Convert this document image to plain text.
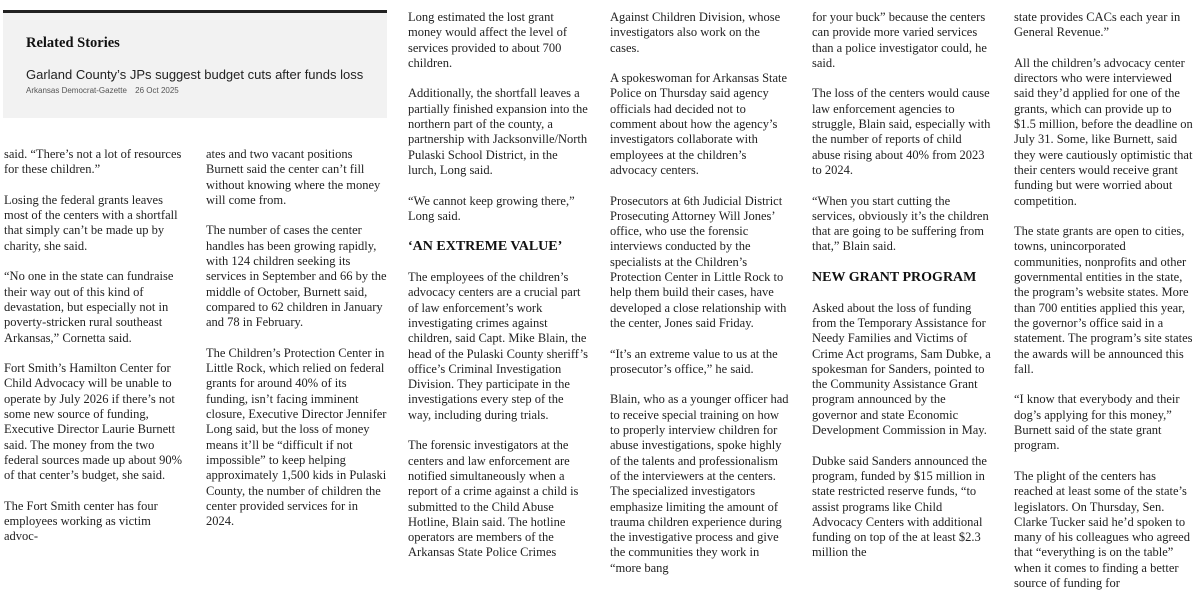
Related Stories
Garland County’s JPs suggest budget cuts after funds loss
Arkansas Democrat-Gazette 26 Oct 2025

said. “There’s not a lot of resources for these children.”

Losing the federal grants leaves most of the centers with a shortfall that simply can’t be made up by charity, she said.

“No one in the state can fundraise their way out of this kind of devastation, but especially not in poverty-stricken rural southeast Arkansas,” Cornetta said.

Fort Smith’s Hamilton Center for Child Advocacy will be unable to operate by July 2026 if there’s not some new source of funding, Executive Director Laurie Burnett said. The money from the two federal sources made up about 90% of that center’s budget, she said.

The Fort Smith center has four employees working as victim advoc-

ates and two vacant positions Burnett said the center can’t fill without knowing where the money will come from.

The number of cases the center handles has been growing rapidly, with 124 children seeking its services in September and 66 by the middle of October, Burnett said, compared to 62 children in January and 78 in February.

The Children’s Protection Center in Little Rock, which relied on federal grants for around 40% of its funding, isn’t facing imminent closure, Executive Director Jennifer Long said, but the loss of money means it’ll be “difficult if not impossible” to keep helping approximately 1,500 kids in Pulaski County, the number of children the center provided services for in 2024.

Long estimated the lost grant money would affect the level of services provided to about 700 children.

Additionally, the shortfall leaves a partially finished expansion into the northern part of the county, a partnership with Jacksonville/North Pulaski School District, in the lurch, Long said.

“We cannot keep growing there,” Long said.

‘AN EXTREME VALUE’

The employees of the children’s advocacy centers are a crucial part of law enforcement’s work investigating crimes against children, said Capt. Mike Blain, the head of the Pulaski County sheriff’s office’s Criminal Investigation Division. They participate in the investigations every step of the way, including during trials.

The forensic investigators at the centers and law enforcement are notified simultaneously when a report of a crime against a child is submitted to the Child Abuse Hotline, Blain said. The hotline operators are members of the Arkansas State Police Crimes

Against Children Division, whose investigators also work on the cases.

A spokeswoman for Arkansas State Police on Thursday said agency officials had decided not to comment about how the agency’s investigators collaborate with employees at the children’s advocacy centers.

Prosecutors at 6th Judicial District Prosecuting Attorney Will Jones’ office, who use the forensic interviews conducted by the specialists at the Children’s Protection Center in Little Rock to help them build their cases, have developed a close relationship with the center, Jones said Friday.

“It’s an extreme value to us at the prosecutor’s office,” he said.

Blain, who as a younger officer had to receive special training on how to properly interview children for abuse investigations, spoke highly of the talents and professionalism of the interviewers at the centers. The specialized investigators emphasize limiting the amount of trauma children experience during the investigative process and give the communities they work in “more bang

for your buck” because the centers can provide more varied services than a police investigator could, he said.

The loss of the centers would cause law enforcement agencies to struggle, Blain said, especially with the number of reports of child abuse rising about 40% from 2023 to 2024.

“When you start cutting the services, obviously it’s the children that are going to be suffering from that,” Blain said.

NEW GRANT PROGRAM

Asked about the loss of funding from the Temporary Assistance for Needy Families and Victims of Crime Act programs, Sam Dubke, a spokesman for Sanders, pointed to the Community Assistance Grant program announced by the governor and state Economic Development Commission in May.

Dubke said Sanders announced the program, funded by $15 million in state restricted reserve funds, “to assist programs like Child Advocacy Centers with additional funding on top of the at least $2.3 million the

state provides CACs each year in General Revenue.”

All the children’s advocacy center directors who were interviewed said they’d applied for one of the grants, which can provide up to $1.5 million, before the deadline on July 31. Some, like Burnett, said they were cautiously optimistic that their centers would receive grant funding but were worried about competition.

The state grants are open to cities, towns, unincorporated communities, nonprofits and other governmental entities in the state, the program’s website states. More than 700 entities applied this year, the governor’s office said in a statement. The program’s site states the awards will be announced this fall.

“I know that everybody and their dog’s applying for this money,” Burnett said of the state grant program.

The plight of the centers has reached at least some of the state’s legislators. On Thursday, Sen. Clarke Tucker said he’d spoken to many of his colleagues who agreed that “everything is on the table” when it comes to finding a better source of funding for
